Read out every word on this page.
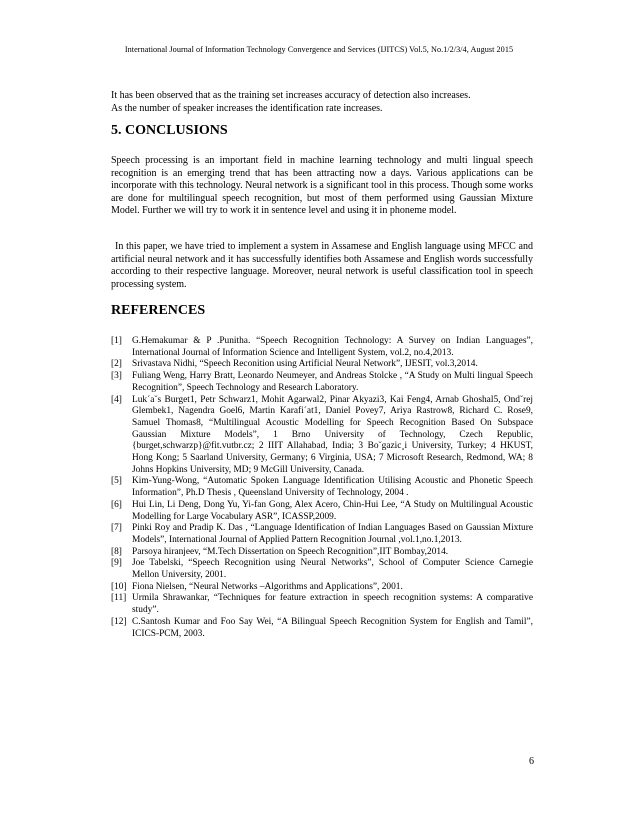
International Journal of Information Technology Convergence and Services (IJITCS) Vol.5, No.1/2/3/4, August 2015

It has been observed that as the training set increases accuracy of detection also increases.

As the number of speaker increases the identification rate increases.

5. CONCLUSIONS

Speech processing is an important field in machine learning technology and multi lingual speech recognition is an emerging trend that has been attracting now a days. Various applications can be incorporate with this technology. Neural network is a significant tool in this process. Though some works are done for multilingual speech recognition, but most of them performed using Gaussian Mixture Model. Further we will try to work it in sentence level and using it in phoneme model.

In this paper, we have tried to implement a system in Assamese and English language using MFCC and artificial neural network and it has successfully identifies both Assamese and English words successfully according to their respective language. Moreover, neural network is useful classification tool in speech processing system.

REFERENCES
[1]	G.Hemakumar & P .Punitha. “Speech Recognition Technology: A Survey on Indian Languages”, International Journal of Information Science and Intelligent System, vol.2, no.4,2013.
[2]	Srivastava Nidhi, “Speech Reconition using Artificial Neural Network”, IJESIT, vol.3,2014.
[3]	Fuliang Weng, Harry Bratt, Leonardo Neumeyer, and Andreas Stolcke , “A Study on Multi lingual Speech Recognition”, Speech Technology and Research Laboratory.
[4]	Luk´a˘s Burget1, Petr Schwarz1, Mohit Agarwal2, Pinar Akyazi3, Kai Feng4, Arnab Ghoshal5, Ond˘rej Glembek1, Nagendra Goel6, Martin Karafi´at1, Daniel Povey7, Ariya Rastrow8, Richard C. Rose9, Samuel Thomas8, “Multilingual Acoustic Modelling for Speech Recognition Based On Subspace Gaussian Mixture Models”, 1 Brno University of Technology, Czech Republic, {burget,schwarzp}@fit.vutbr.cz; 2 IIIT Allahabad, India; 3 Bo˘gazic¸i University, Turkey; 4 HKUST, Hong Kong; 5 Saarland University, Germany; 6 Virginia, USA; 7 Microsoft Research, Redmond, WA; 8 Johns Hopkins University, MD; 9 McGill University, Canada.
[5]	Kim-Yung-Wong, “Automatic Spoken Language Identification Utilising Acoustic and Phonetic Speech Information”, Ph.D Thesis , Queensland University of Technology, 2004 .
[6]	Hui Lin, Li Deng, Dong Yu, Yi-fan Gong, Alex Acero, Chin-Hui Lee, “A Study on Multilingual Acoustic Modelling for Large Vocabulary ASR”, ICASSP,2009.
[7]	Pinki Roy and Pradip K. Das , “Language Identification of Indian Languages Based on Gaussian Mixture Models”, International Journal of Applied Pattern Recognition Journal ,vol.1,no.1,2013.
[8]	Parsoya hiranjeev, “M.Tech Dissertation on Speech Recognition”,IIT Bombay,2014.
[9]	Joe Tabelski, “Speech Recognition using Neural Networks”, School of Computer Science Carnegie Mellon University, 2001.
[10] Fiona Nielsen, “Neural Networks –Algorithms and Applications”, 2001.
[11] Urmila Shrawankar, “Techniques for feature extraction in speech recognition systems: A comparative study”.
[12] C.Santosh Kumar and Foo Say Wei, “A Bilingual Speech Recognition System for English and Tamil”, ICICS-PCM, 2003.
6
